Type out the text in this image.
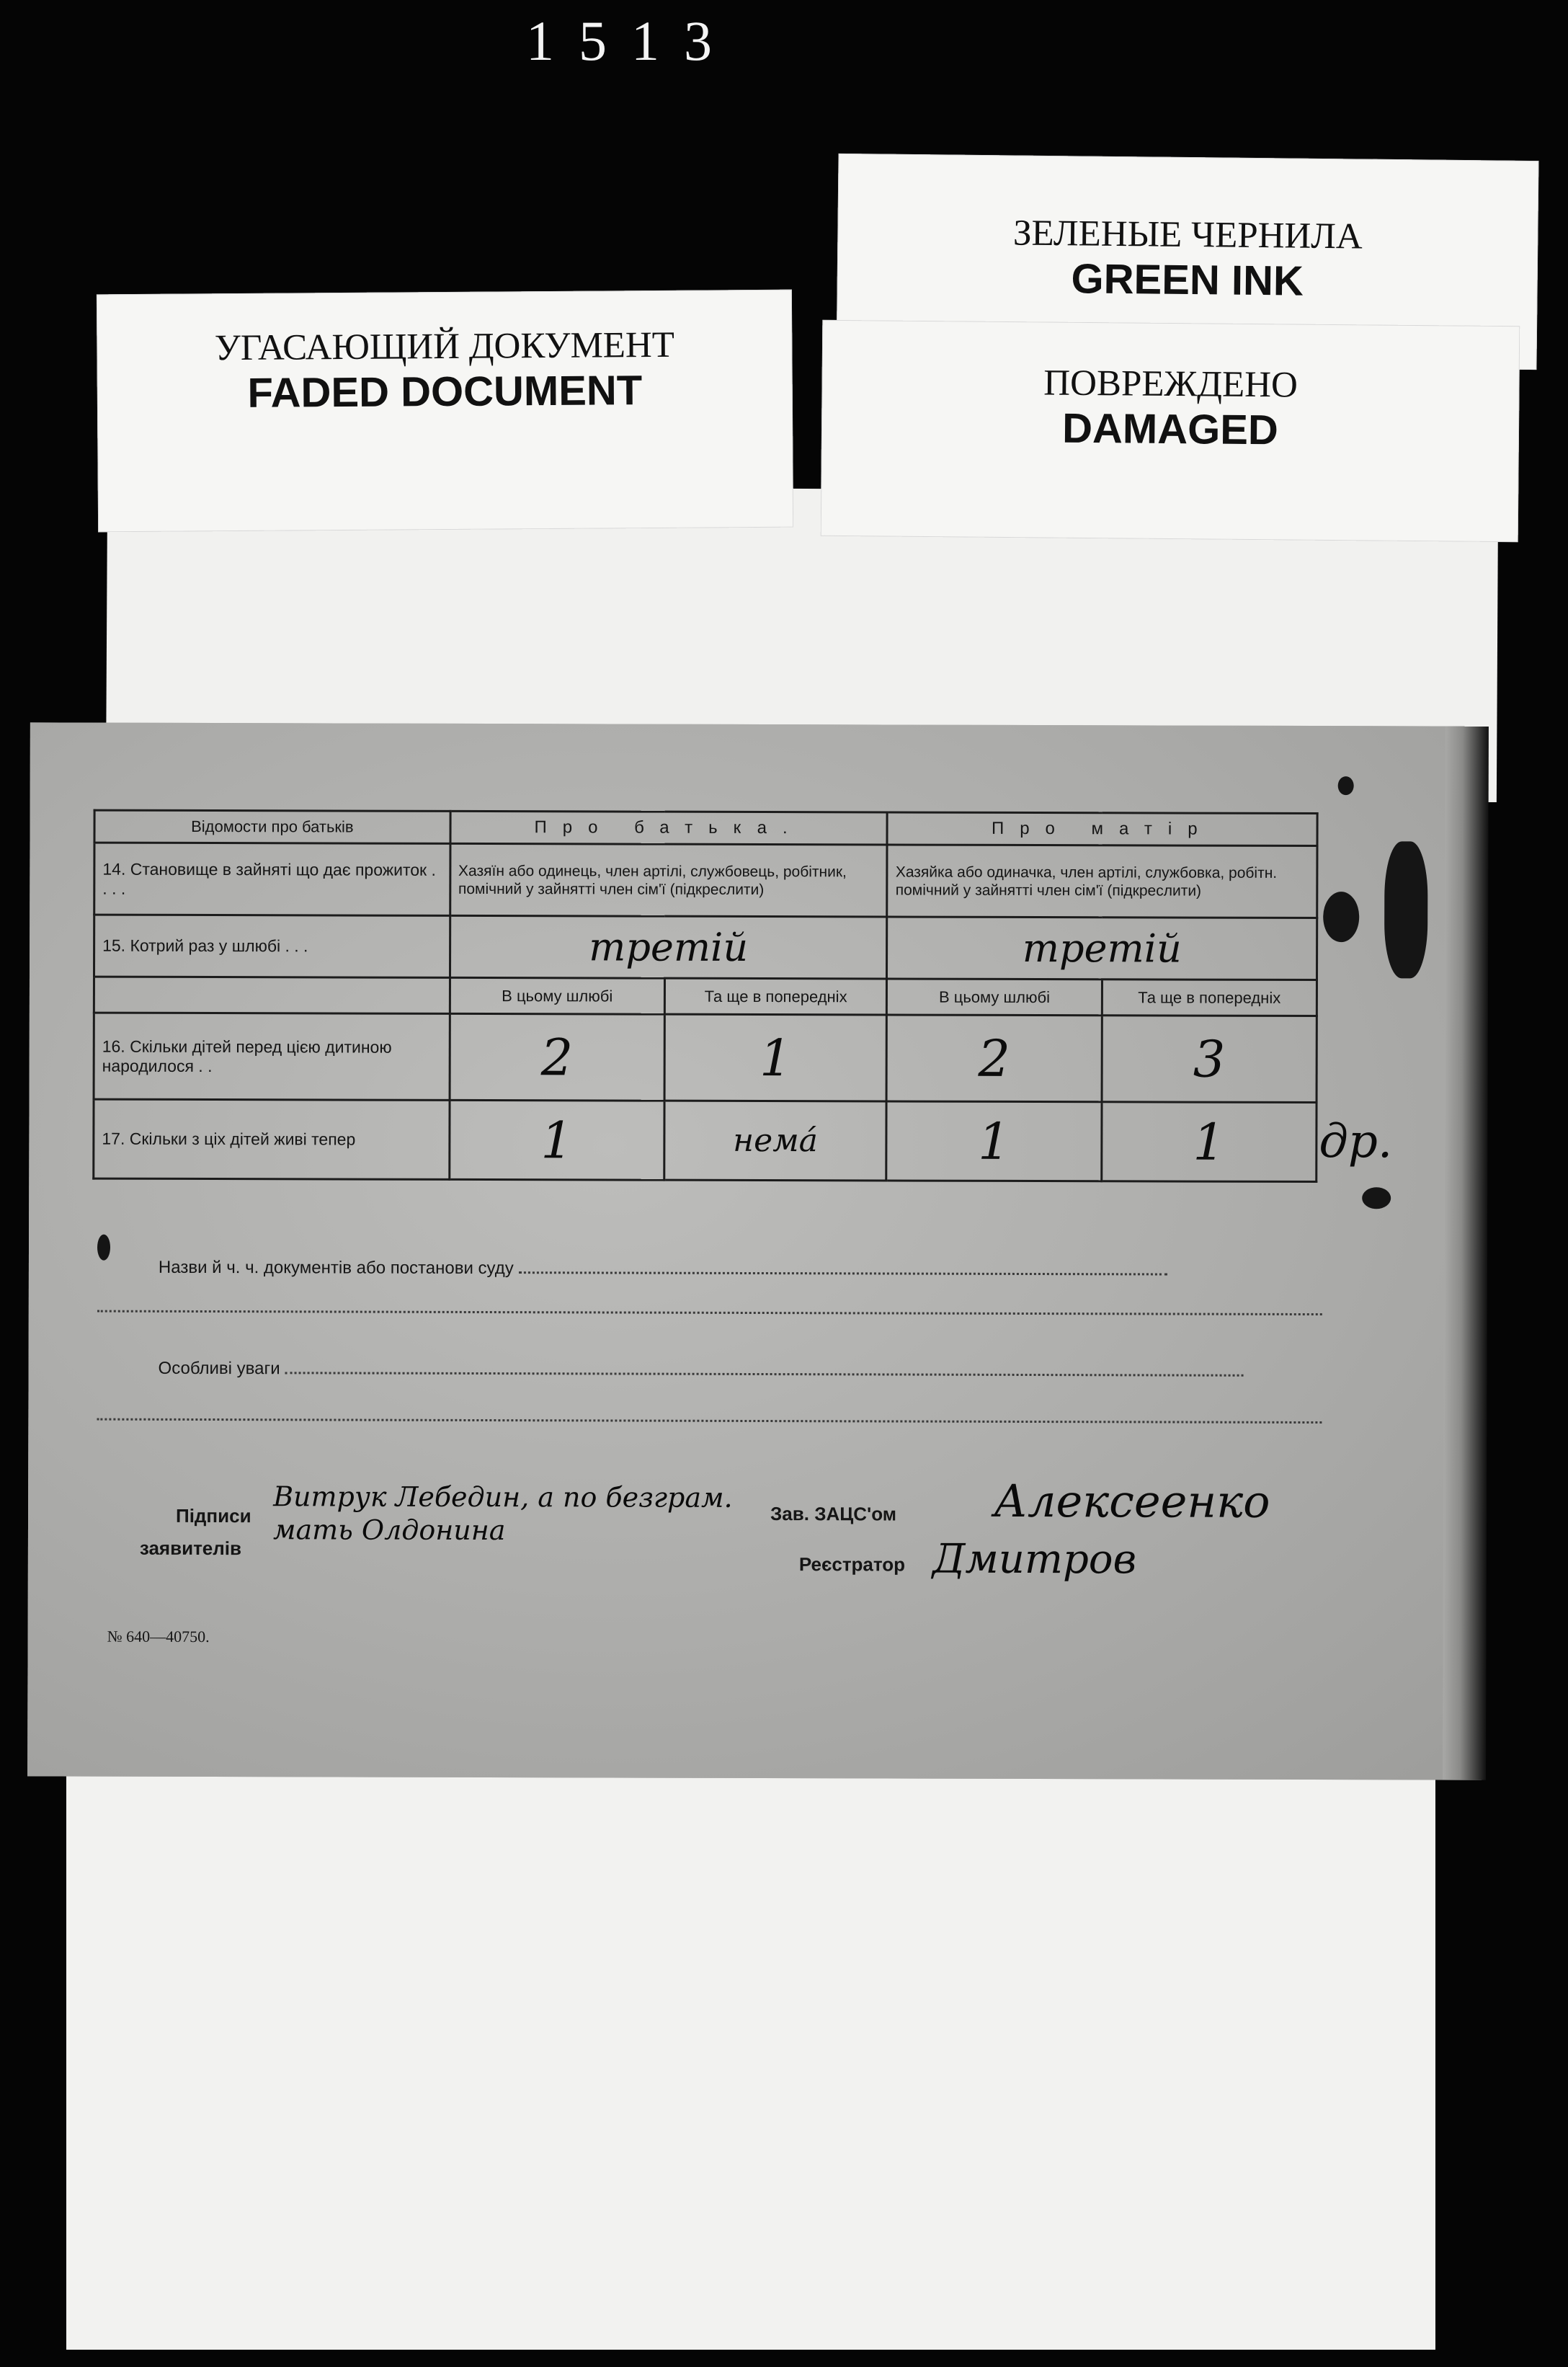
1513
ЗЕЛЕНЫЕ ЧЕРНИЛА
GREEN INK
УГАСАЮЩИЙ ДОКУМЕНТ
FADED DOCUMENT	ПОВРЕЖДЕНО
DAMAGED
Відомости про батьків	Про батька.		Про матір	
14. Становище в зайняті що дає прожиток . . . .	Хазяїн або одинець, член артілі, службовець, робітник, помічний у зайнятті член сім'ї (підкреслити)		Хазяйка або одиначка, член артілі, службовка, робітн. помічний у зайнятті член сім'ї (підкреслити)	
15. Котрий раз у шлюбі . . .	третій		третій	
	В цьому шлюбі	Та ще в попередніх	В цьому шлюбі	Та ще в попередніх
16. Скільки дітей перед цією дитиною народилося . .	2	1	2	3
17. Скільки з ціх дітей живі тепер	1	немá	1	1 др.
Назви й ч. ч. документів або постанови суду
Особливі уваги
Підписи
заявителів
Витрук Лебедин, а по безграм. мать Олдонина	Зав. ЗАЦС'ом Алексеенко
Реєстратор Дмитров
№ 640—40750.
